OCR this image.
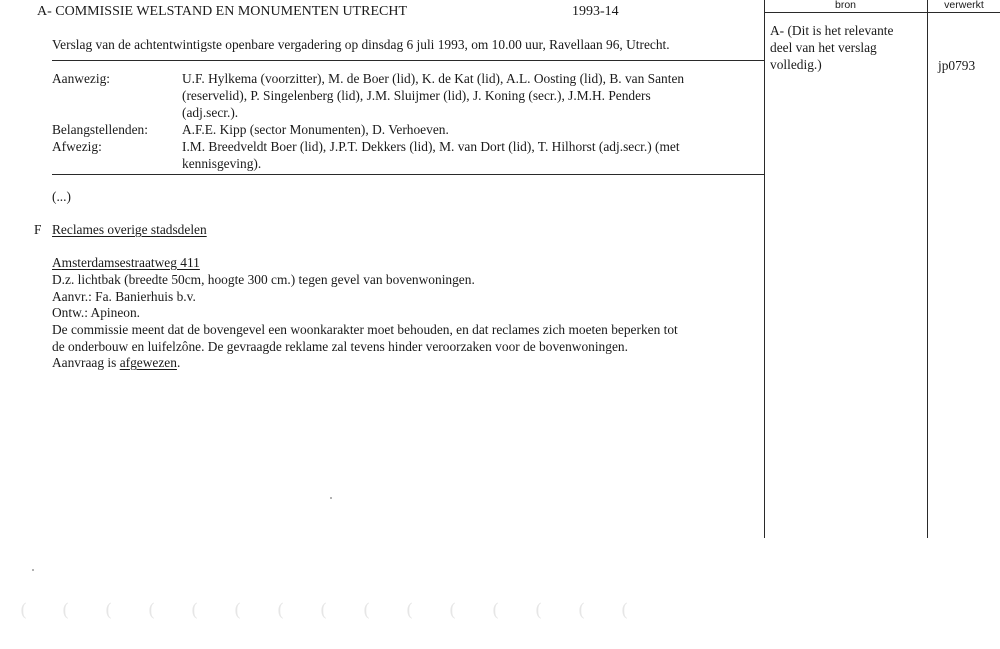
A- COMMISSIE WELSTAND EN MONUMENTEN UTRECHT	1993-14
Verslag van de achtentwintigste openbare vergadering op dinsdag 6 juli 1993, om 10.00 uur, Ravellaan 96, Utrecht.
Aanwezig:	U.F. Hylkema (voorzitter), M. de Boer (lid), K. de Kat (lid), A.L. Oosting (lid), B. van Santen
(reservelid), P. Singelenberg (lid), J.M. Sluijmer (lid), J. Koning (secr.), J.M.H. Penders
(adj.secr.).
Belangstellenden:	A.F.E. Kipp (sector Monumenten), D. Verhoeven.
Afwezig:	I.M. Breedveldt Boer (lid), J.P.T. Dekkers (lid), M. van Dort (lid), T. Hilhorst (adj.secr.) (met
kennisgeving).
(...)
F Reclames overige stadsdelen
Amsterdamsestraatweg 411
D.z. lichtbak (breedte 50cm, hoogte 300 cm.) tegen gevel van bovenwoningen.
Aanvr.: Fa. Banierhuis b.v.
Ontw.: Apineon.
De commissie meent dat de bovengevel een woonkarakter moet behouden, en dat reclames zich moeten beperken tot
de onderbouw en luifelzône. De gevraagde reklame zal tevens hinder veroorzaken voor de bovenwoningen.
Aanvraag is afgewezen.
bron	verwerkt
A- (Dit is het relevante
deel van het verslag
volledig.)	jp0793
( ( ( ( ( ( ( ( ( ( ( ( ( ( (
